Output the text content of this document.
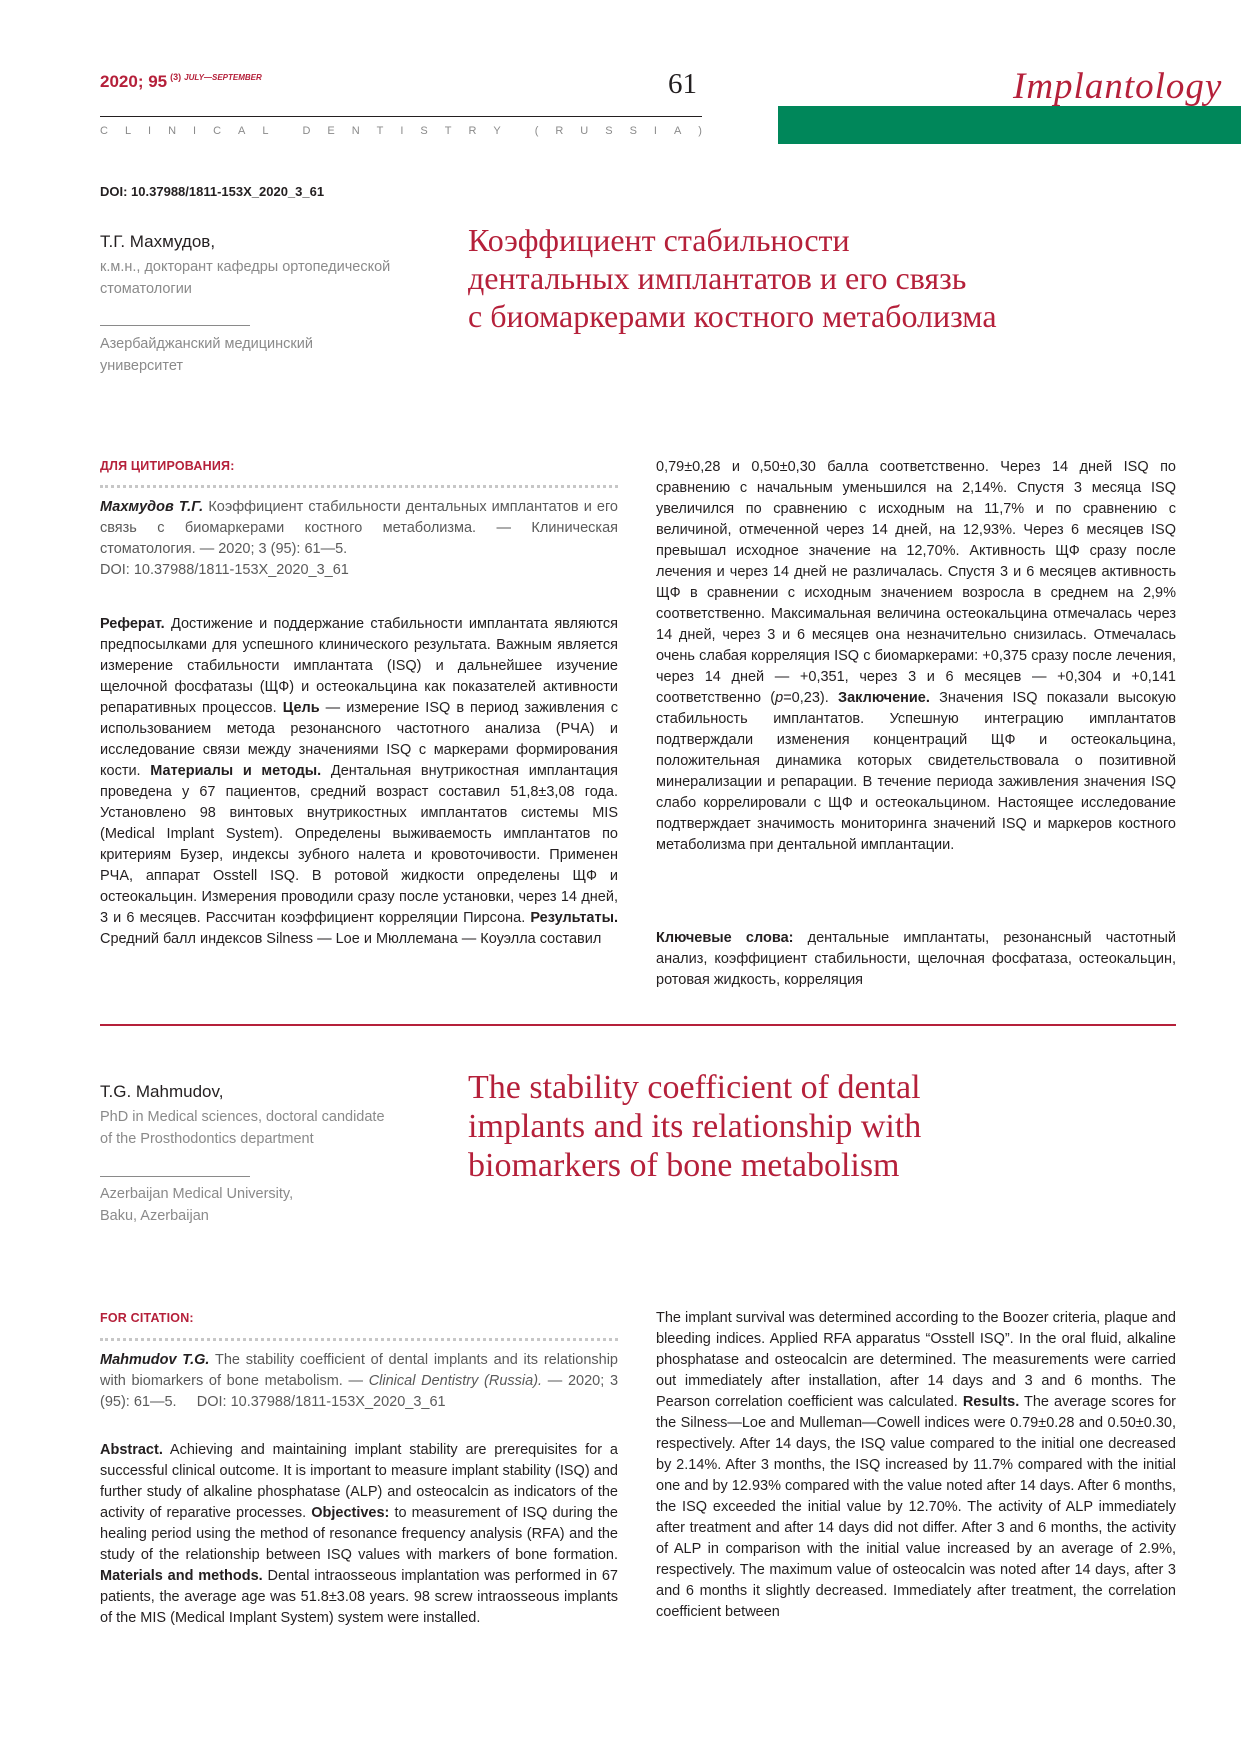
2020; 95 $^{(3)}$ $^{JULY—SEPTEMBER}$	61
C L I N I C A L	D E N T I S T R Y	( R U S S I A )
Implantology
DOI: 10.37988/1811-153X_2020_3_61
Т.Г. Махмудов,
к.м.н., докторант кафедры ортопедической
стоматологии
Азербайджанский медицинский
университет
Коэффициент стабильности
дентальных имплантатов и его связь
с биомаркерами костного метаболизма
ДЛЯ ЦИТИРОВАНИЯ:
Махмудов Т.Г. Коэффициент стабильности дентальных имплантатов и его связь с биомаркерами костного метаболизма. — Клиническая стоматология. — 2020; 3 (95): 61—5.
DOI: 10.37988/1811-153X_2020_3_61
Реферат. Достижение и поддержание стабильности имплантата являются предпосылками для успешного клинического результата. Важным является измерение стабильности имплантата (ISQ) и дальнейшее изучение щелочной фосфатазы (ЩФ) и остеокальцина как показателей активности репаративных процессов. Цель — измерение ISQ в период заживления с использованием метода резонансного частотного анализа (РЧА) и исследование связи между значениями ISQ с маркерами формирования кости. Материалы и методы. Дентальная внутрикостная имплантация проведена у 67 пациентов, средний возраст составил 51,8±3,08 года. Установлено 98 винтовых внутрикостных имплантатов системы MIS (Medical Implant System). Определены выживаемость имплантатов по критериям Бузер, индексы зубного налета и кровоточивости. Применен РЧА, аппарат Osstell ISQ. В ротовой жидкости определены ЩФ и остеокальцин. Измерения проводили сразу после установки, через 14 дней, 3 и 6 месяцев. Рассчитан коэффициент корреляции Пирсона. Результаты. Средний балл индексов Silness — Loe и Мюллемана — Коуэлла составил
0,79±0,28 и 0,50±0,30 балла соответственно. Через 14 дней ISQ по сравнению с начальным уменьшился на 2,14%. Спустя 3 месяца ISQ увеличился по сравнению с исходным на 11,7% и по сравнению с величиной, отмеченной через 14 дней, на 12,93%. Через 6 месяцев ISQ превышал исходное значение на 12,70%. Активность ЩФ сразу после лечения и через 14 дней не различалась. Спустя 3 и 6 месяцев активность ЩФ в сравнении с исходным значением возросла в среднем на 2,9% соответственно. Максимальная величина остеокальцина отмечалась через 14 дней, через 3 и 6 месяцев она незначительно снизилась. Отмечалась очень слабая корреляция ISQ с биомаркерами: +0,375 сразу после лечения, через 14 дней — +0,351, через 3 и 6 месяцев — +0,304 и +0,141 соответственно (p=0,23). Заключение. Значения ISQ показали высокую стабильность имплантатов. Успешную интеграцию имплантатов подтверждали изменения концентраций ЩФ и остеокальцина, положительная динамика которых свидетельствовала о позитивной минерализации и репарации. В течение периода заживления значения ISQ слабо коррелировали с ЩФ и остеокальцином. Настоящее исследование подтверждает значимость мониторинга значений ISQ и маркеров костного метаболизма при дентальной имплантации.
Ключевые слова: дентальные имплантаты, резонансный частотный анализ, коэффициент стабильности, щелочная фосфатаза, остеокальцин, ротовая жидкость, корреляция
T.G. Mahmudov,
PhD in Medical sciences, doctoral candidate
of the Prosthodontics department
Azerbaijan Medical University,
Baku, Azerbaijan
The stability coefficient of dental
implants and its relationship with
biomarkers of bone metabolism
FOR CITATION:
Mahmudov T.G. The stability coefficient of dental implants and its relationship with biomarkers of bone metabolism. — Clinical Dentistry (Russia). — 2020; 3 (95): 61—5. DOI: 10.37988/1811-153X_2020_3_61
Abstract. Achieving and maintaining implant stability are prerequisites for a successful clinical outcome. It is important to measure implant stability (ISQ) and further study of alkaline phosphatase (ALP) and osteocalcin as indicators of the activity of reparative processes. Objectives: to measurement of ISQ during the healing period using the method of resonance frequency analysis (RFA) and the study of the relationship between ISQ values with markers of bone formation. Materials and methods. Dental intraosseous implantation was performed in 67 patients, the average age was 51.8±3.08 years. 98 screw intraosseous implants of the MIS (Medical Implant System) system were installed.
The implant survival was determined according to the Boozer criteria, plaque and bleeding indices. Applied RFA apparatus “Osstell ISQ”. In the oral fluid, alkaline phosphatase and osteocalcin are determined. The measurements were carried out immediately after installation, after 14 days and 3 and 6 months. The Pearson correlation coefficient was calculated. Results. The average scores for the Silness—Loe and Mulleman—Cowell indices were 0.79±0.28 and 0.50±0.30, respectively. After 14 days, the ISQ value compared to the initial one decreased by 2.14%. After 3 months, the ISQ increased by 11.7% compared with the initial one and by 12.93% compared with the value noted after 14 days. After 6 months, the ISQ exceeded the initial value by 12.70%. The activity of ALP immediately after treatment and after 14 days did not differ. After 3 and 6 months, the activity of ALP in comparison with the initial value increased by an average of 2.9%, respectively. The maximum value of osteocalcin was noted after 14 days, after 3 and 6 months it slightly decreased. Immediately after treatment, the correlation coefficient between
